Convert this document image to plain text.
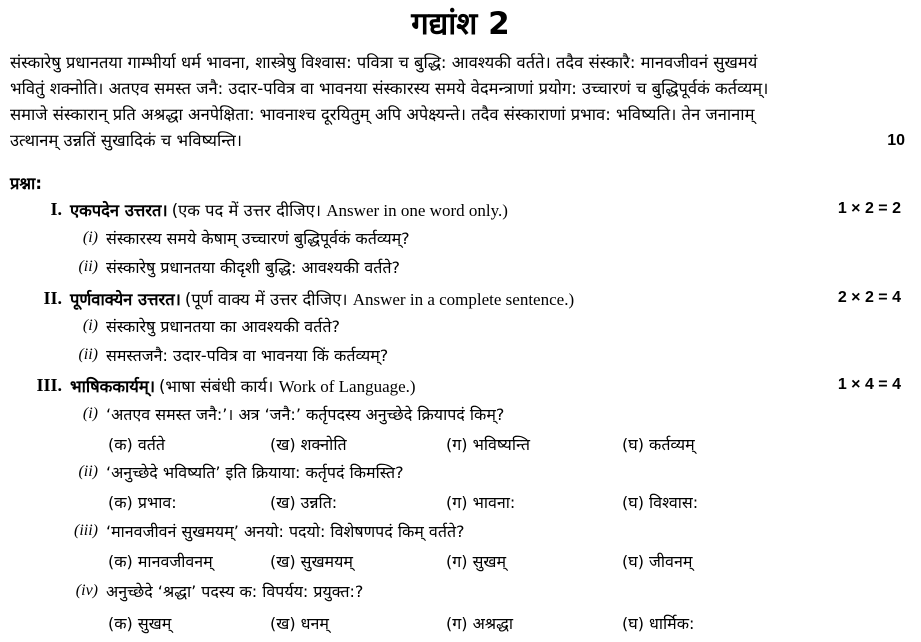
गद्यांश 2
संस्कारेषु प्रधानतया गाम्भीर्या धर्म भावना, शास्त्रेषु विश्वास: पवित्रा च बुद्धि: आवश्यकी वर्तते। तदैव संस्कारै: मानवजीवनं सुखमयं
भवितुं शक्नोति। अतएव समस्त जनै: उदार-पवित्र वा भावनया संस्कारस्य समये वेदमन्त्राणां प्रयोग: उच्चारणं च बुद्धिपूर्वकं कर्तव्यम्।
समाजे संस्कारान् प्रति अश्रद्धा अनपेक्षिता: भावनाश्च दूरयितुम् अपि अपेक्ष्यन्ते। तदैव संस्काराणां प्रभाव: भविष्यति। तेन जनानाम्
उत्थानम् उन्नतिं सुखादिकं च भविष्यन्ति।	10
प्रश्ना:
I. एकपदेन उत्तरत। (एक पद में उत्तर दीजिए। Answer in one word only.)	1 × 2 = 2
(i) संस्कारस्य समये केषाम् उच्चारणं बुद्धिपूर्वकं कर्तव्यम्?
(ii) संस्कारेषु प्रधानतया कीदृशी बुद्धि: आवश्यकी वर्तते?
II. पूर्णवाक्येन उत्तरत। (पूर्ण वाक्य में उत्तर दीजिए। Answer in a complete sentence.)	2 × 2 = 4
(i) संस्कारेषु प्रधानतया का आवश्यकी वर्तते?
(ii) समस्तजनै: उदार-पवित्र वा भावनया किं कर्तव्यम्?
III. भाषिककार्यम्। (भाषा संबंधी कार्य। Work of Language.)	1 × 4 = 4
(i) ‘अतएव समस्त जनै:’। अत्र ‘जनै:’ कर्तृपदस्य अनुच्छेदे क्रियापदं किम्?
(क) वर्तते	(ख) शक्नोति	(ग) भविष्यन्ति	(घ) कर्तव्यम्
(ii) ‘अनुच्छेदे भविष्यति’ इति क्रियाया: कर्तृपदं किमस्ति?
(क) प्रभाव:	(ख) उन्नति:	(ग) भावना:	(घ) विश्वास:
(iii) ‘मानवजीवनं सुखमयम्’ अनयो: पदयो: विशेषणपदं किम् वर्तते?
(क) मानवजीवनम्	(ख) सुखमयम्	(ग) सुखम्	(घ) जीवनम्
(iv) अनुच्छेदे ‘श्रद्धा’ पदस्य क: विपर्यय: प्रयुक्त:?
(क) सुखम्	(ख) धनम्	(ग) अश्रद्धा	(घ) धार्मिक:
